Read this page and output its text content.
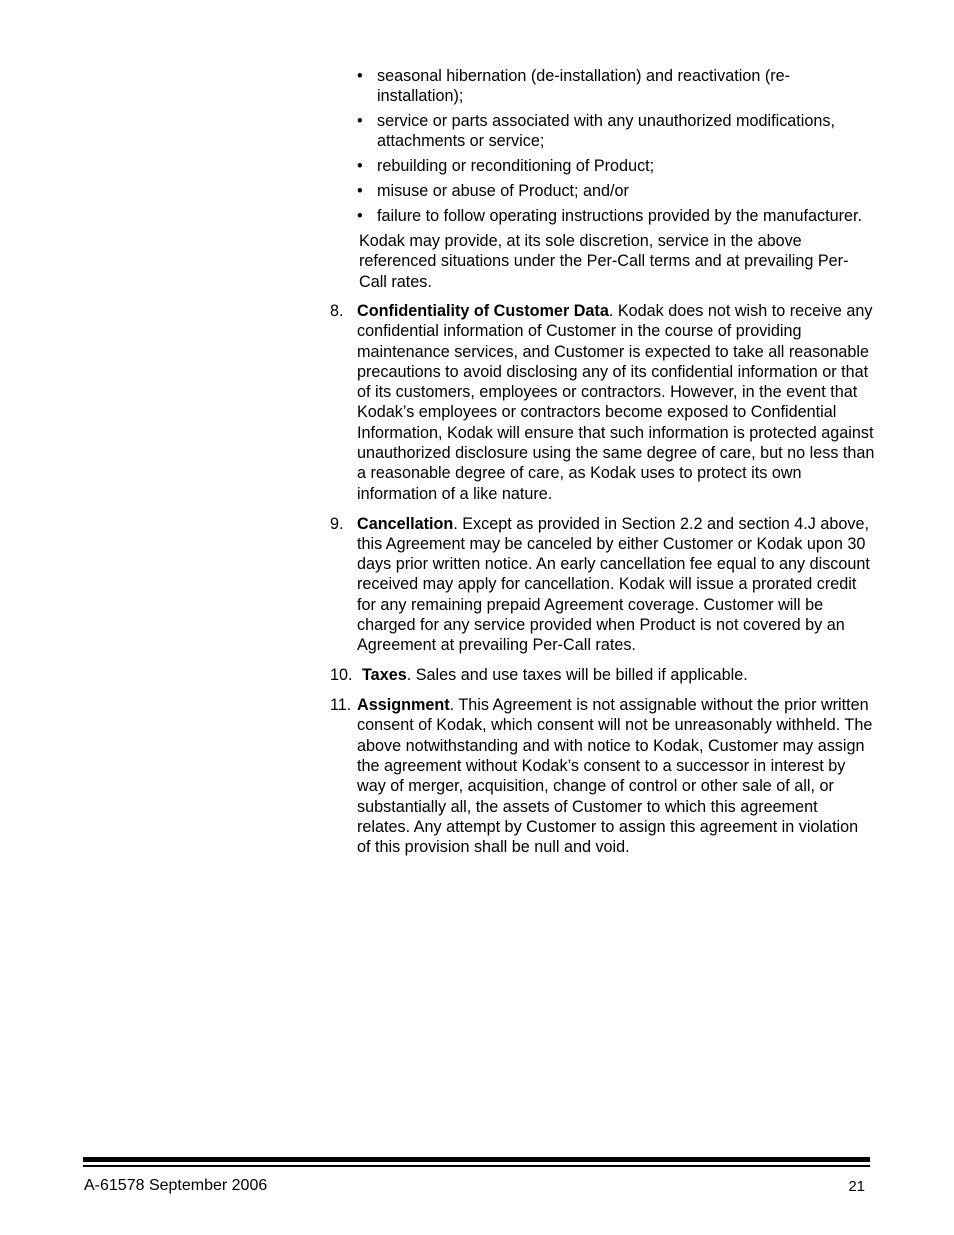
• seasonal hibernation (de-installation) and reactivation (re-installation);
• service or parts associated with any unauthorized modifications, attachments or service;
• rebuilding or reconditioning of Product;
• misuse or abuse of Product; and/or
• failure to follow operating instructions provided by the manufacturer.

Kodak may provide, at its sole discretion, service in the above referenced situations under the Per-Call terms and at prevailing Per-Call rates.

8. Confidentiality of Customer Data. Kodak does not wish to receive any confidential information of Customer in the course of providing maintenance services, and Customer is expected to take all reasonable precautions to avoid disclosing any of its confidential information or that of its customers, employees or contractors. However, in the event that Kodak’s employees or contractors become exposed to Confidential Information, Kodak will ensure that such information is protected against unauthorized disclosure using the same degree of care, but no less than a reasonable degree of care, as Kodak uses to protect its own information of a like nature.
9. Cancellation. Except as provided in Section 2.2 and section 4.J above, this Agreement may be canceled by either Customer or Kodak upon 30 days prior written notice. An early cancellation fee equal to any discount received may apply for cancellation. Kodak will issue a prorated credit for any remaining prepaid Agreement coverage. Customer will be charged for any service provided when Product is not covered by an Agreement at prevailing Per-Call rates.
10. Taxes. Sales and use taxes will be billed if applicable.
11. Assignment. This Agreement is not assignable without the prior written consent of Kodak, which consent will not be unreasonably withheld. The above notwithstanding and with notice to Kodak, Customer may assign the agreement without Kodak’s consent to a successor in interest by way of merger, acquisition, change of control or other sale of all, or substantially all, the assets of Customer to which this agreement relates. Any attempt by Customer to assign this agreement in violation of this provision shall be null and void.
A-61578 September 2006	21
